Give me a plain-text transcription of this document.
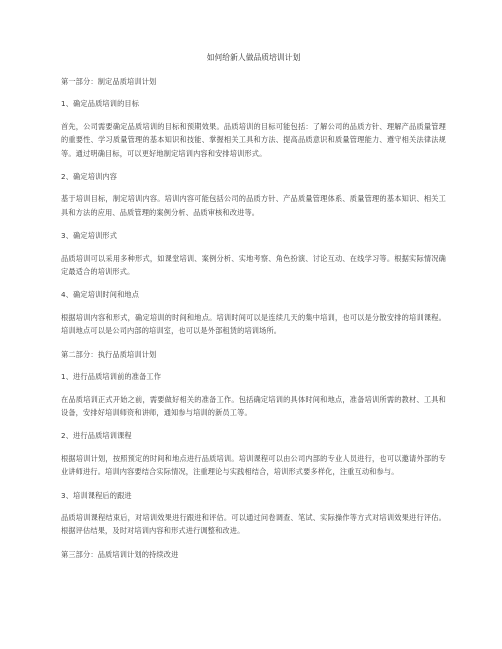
如何给新人做品质培训计划
第一部分：制定品质培训计划
1、确定品质培训的目标
首先，公司需要确定品质培训的目标和预期效果。品质培训的目标可能包括：了解公司的品质方针、理解产品质量管理的重要性、学习质量管理的基本知识和技能、掌握相关工具和方法、提高品质意识和质量管理能力、遵守相关法律法规等。通过明确目标，可以更好地制定培训内容和安排培训形式。
2、确定培训内容
基于培训目标，制定培训内容。培训内容可能包括公司的品质方针、产品质量管理体系、质量管理的基本知识、相关工具和方法的应用、品质管理的案例分析、品质审核和改进等。
3、确定培训形式
品质培训可以采用多种形式，如课堂培训、案例分析、实地考察、角色扮演、讨论互动、在线学习等。根据实际情况确定最适合的培训形式。
4、确定培训时间和地点
根据培训内容和形式，确定培训的时间和地点。培训时间可以是连续几天的集中培训，也可以是分散安排的培训课程。培训地点可以是公司内部的培训室，也可以是外部租赁的培训场所。
第二部分：执行品质培训计划
1、进行品质培训前的准备工作
在品质培训正式开始之前，需要做好相关的准备工作。包括确定培训的具体时间和地点，准备培训所需的教材、工具和设备，安排好培训师资和讲师，通知参与培训的新员工等。
2、进行品质培训课程
根据培训计划，按照预定的时间和地点进行品质培训。培训课程可以由公司内部的专业人员进行，也可以邀请外部的专业讲师进行。培训内容要结合实际情况，注重理论与实践相结合，培训形式要多样化，注重互动和参与。
3、培训课程后的跟进
品质培训课程结束后，对培训效果进行跟进和评估。可以通过问卷调查、笔试、实际操作等方式对培训效果进行评估。根据评估结果，及时对培训内容和形式进行调整和改进。
第三部分：品质培训计划的持续改进
